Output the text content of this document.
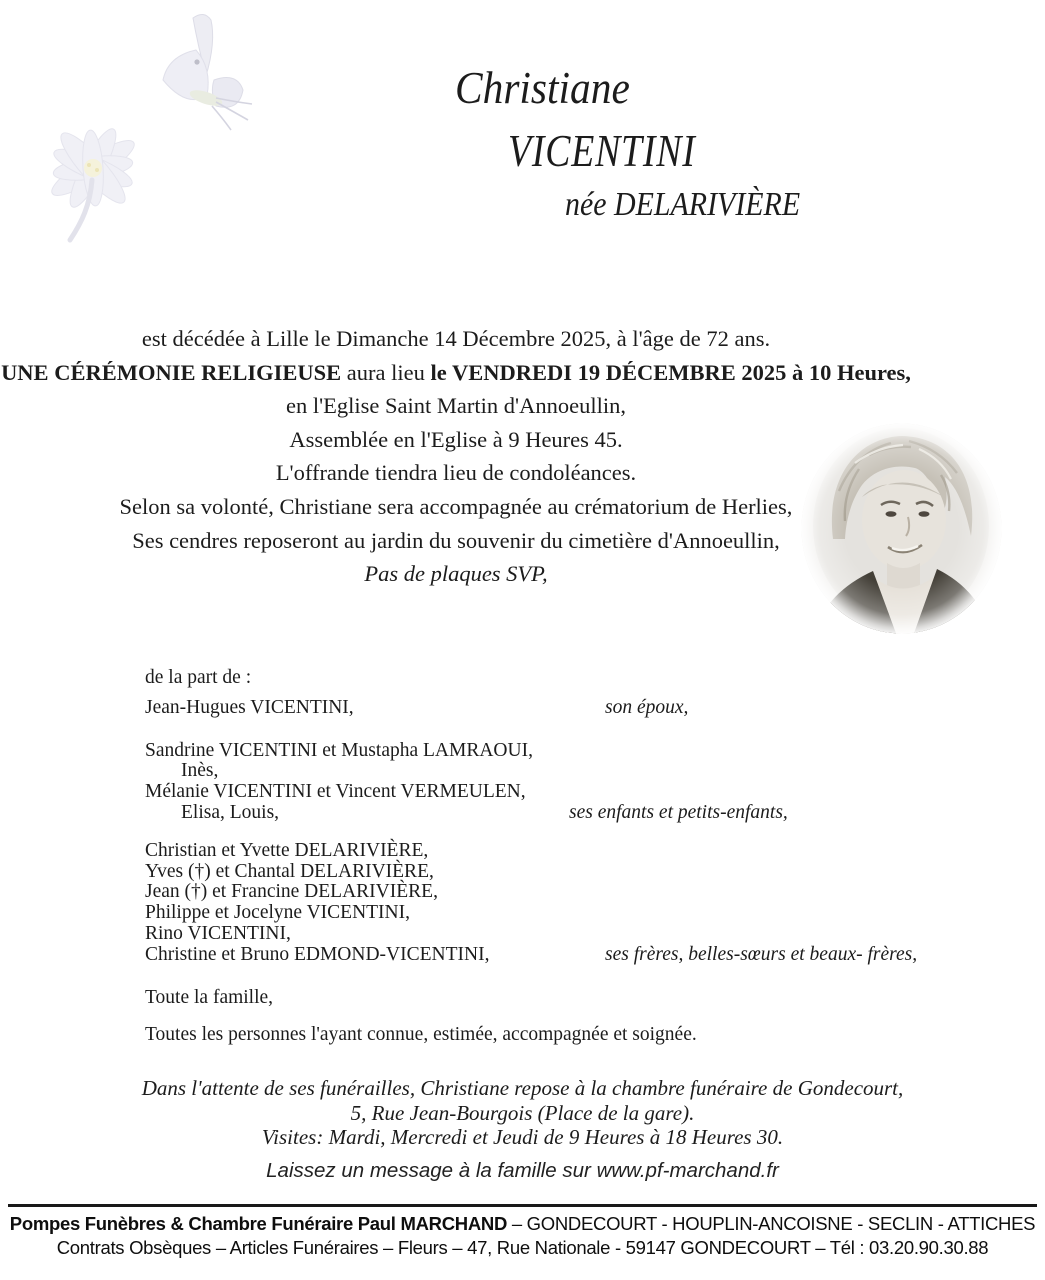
Christiane
VICENTINI
née DELARIVIÈRE
est décédée à Lille le Dimanche 14 Décembre 2025, à l'âge de 72 ans.
UNE CÉRÉMONIE RELIGIEUSE aura lieu le VENDREDI 19 DÉCEMBRE 2025 à 10 Heures,
en l'Eglise Saint Martin d'Annoeullin,
Assemblée en l'Eglise à 9 Heures 45.
L'offrande tiendra lieu de condoléances.
Selon sa volonté, Christiane sera accompagnée au crématorium de Herlies,
Ses cendres reposeront au jardin du souvenir du cimetière d'Annoeullin,
Pas de plaques SVP,
de la part de :
Jean-Hugues VICENTINI,	son époux,
Sandrine VICENTINI et Mustapha LAMRAOUI,
Inès,
Mélanie VICENTINI et Vincent VERMEULEN,
Elisa, Louis,	ses enfants et petits-enfants,
Christian et Yvette DELARIVIÈRE,
Yves (†) et Chantal DELARIVIÈRE,
Jean (†) et Francine DELARIVIÈRE,
Philippe et Jocelyne VICENTINI,
Rino VICENTINI,
Christine et Bruno EDMOND-VICENTINI,	ses frères, belles-sœurs et beaux- frères,
Toute la famille,
Toutes les personnes l'ayant connue, estimée, accompagnée et soignée.
Dans l'attente de ses funérailles, Christiane repose à la chambre funéraire de Gondecourt,
5, Rue Jean-Bourgois (Place de la gare).
Visites: Mardi, Mercredi et Jeudi de 9 Heures à 18 Heures 30.
Laissez un message à la famille sur www.pf-marchand.fr
Pompes Funèbres & Chambre Funéraire Paul MARCHAND – GONDECOURT - HOUPLIN-ANCOISNE - SECLIN - ATTICHES
Contrats Obsèques – Articles Funéraires – Fleurs – 47, Rue Nationale - 59147 GONDECOURT – Tél : 03.20.90.30.88
